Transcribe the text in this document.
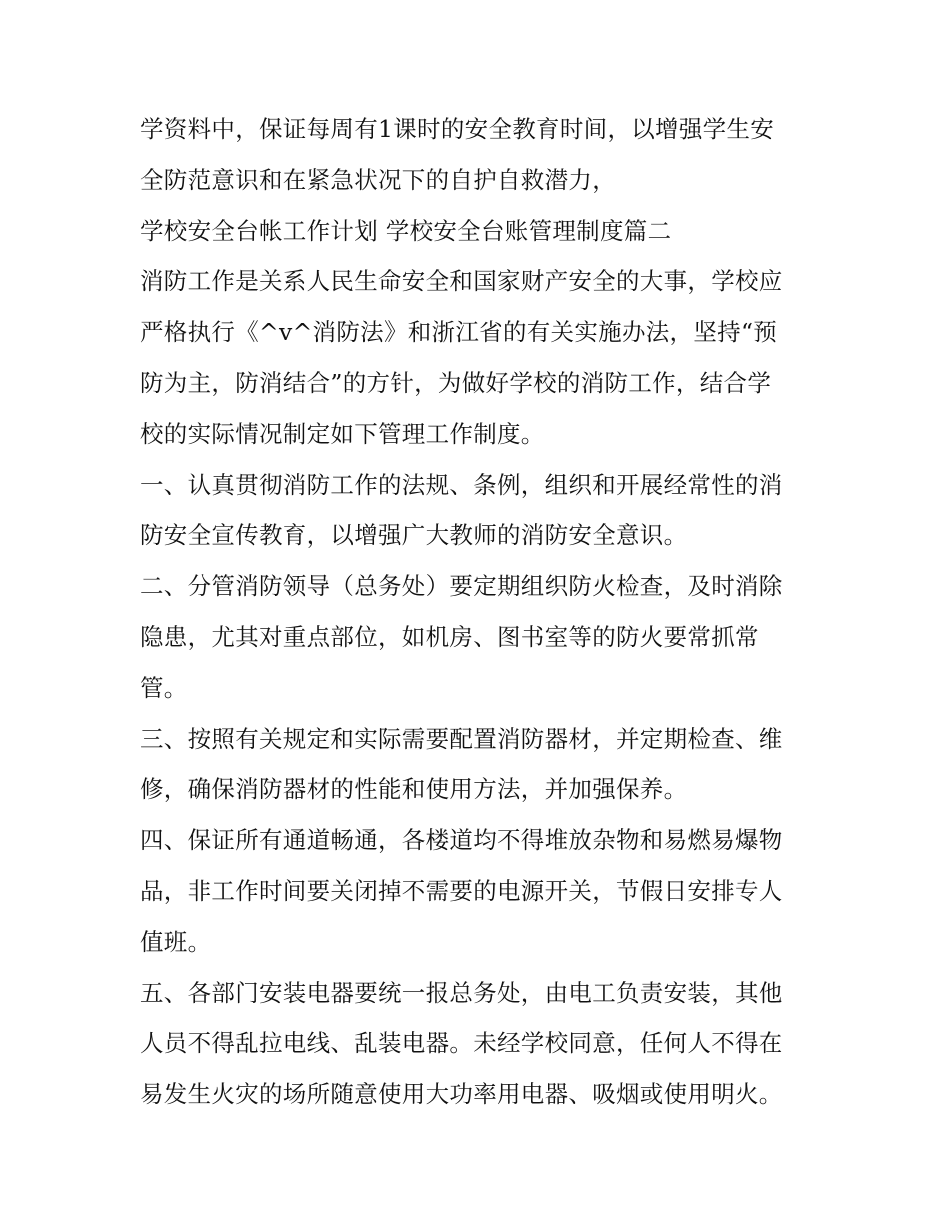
学资料中，保证每周有1课时的安全教育时间，以增强学生安
全防范意识和在紧急状况下的自护自救潜力，
学校安全台帐工作计划 学校安全台账管理制度篇二
消防工作是关系人民生命安全和国家财产安全的大事，学校应
严格执行《^v^消防法》和浙江省的有关实施办法，坚持“预
防为主，防消结合”的方针，为做好学校的消防工作，结合学
校的实际情况制定如下管理工作制度。
一、认真贯彻消防工作的法规、条例，组织和开展经常性的消
防安全宣传教育，以增强广大教师的消防安全意识。
二、分管消防领导（总务处）要定期组织防火检查，及时消除
隐患，尤其对重点部位，如机房、图书室等的防火要常抓常
管。
三、按照有关规定和实际需要配置消防器材，并定期检查、维
修，确保消防器材的性能和使用方法，并加强保养。
四、保证所有通道畅通，各楼道均不得堆放杂物和易燃易爆物
品，非工作时间要关闭掉不需要的电源开关，节假日安排专人
值班。
五、各部门安装电器要统一报总务处，由电工负责安装，其他
人员不得乱拉电线、乱装电器。未经学校同意，任何人不得在
易发生火灾的场所随意使用大功率用电器、吸烟或使用明火。
